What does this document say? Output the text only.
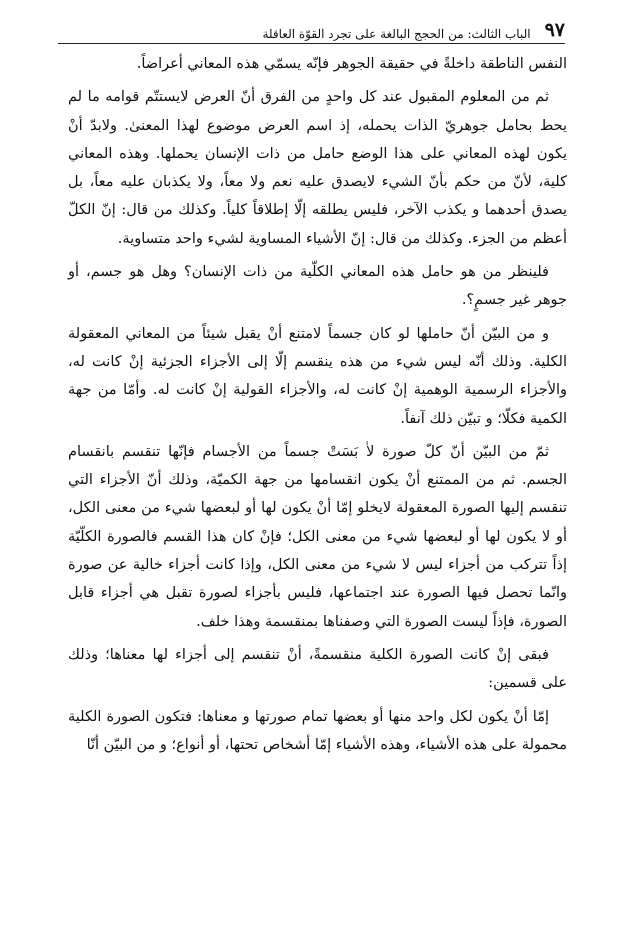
٩٧
الباب الثالث: من الحجج البالغة على تجرد القوّة العاقلة

النفس الناطقة داخلةً في حقيقة الجوهر فإنّه يسمّي هذه المعاني أعراضاً.

ثم من المعلوم المقبول عند كل واحدٍ من الفرق أنّ العرض لايستتّم قوامه ما لم يحط بحامل جوهريّ الذات يحمله، إذ اسم العرض موضوع لهذا المعنىٰ. ولابدّ أنْ يكون لهذه المعاني على هذا الوضع حامل من ذات الإنسان يحملها. وهذه المعاني كلية، لأنّ من حكم بأنّ الشيء لايصدق عليه نعم ولا معاً، ولا يكذبان عليه معاً، بل يصدق أحدهما و يكذب الآخر، فليس يطلقه إلّا إطلاقاً كلياً. وكذلك من قال: إنّ الكلّ أعظم من الجزء. وكذلك من قال: إنّ الأشياء المساوية لشيء واحد متساوية.

فلينظر من هو حامل هذه المعاني الكلّية من ذات الإنسان؟ وهل هو جسم، أو جوهر غير جسمٍ؟.

و من البيّن أنّ حاملها لو كان جسماً لامتنع أنْ يقبل شيئاً من المعاني المعقولة الكلية. وذلك أنّه ليس شيء من هذه ينقسم إلّا إلى الأجزاء الجزئية إنْ كانت له، والأجزاء الرسمية الوهمية إنْ كانت له، والأجزاء القولية إنْ كانت له. وأمّا من جهة الكمية فكلّا؛ و تبيّن ذلك آنفاً.

ثمّ من البيّن أنّ كلّ صورة لاٰ بَسَتْ جسماً من الأجسام فإنّها تنقسم بانقسام الجسم. ثم من الممتنع أنْ يكون انقسامها من جهة الكميّة، وذلك أنّ الأجزاء التي تنقسم إليها الصورة المعقولة لايخلو إمّا أنْ يكون لها أو لبعضها شيء من معنى الكل، أو لا يكون لها أو لبعضها شيء من معنى الكل؛ فإنْ كان هذا القسم فالصورة الكلّيّة إذاً تتركب من أجزاء ليس لا شيء من معنى الكل، وإذا كانت أجزاء خالية عن صورة وانّما تحصل فيها الصورة عند اجتماعها، فليس بأجزاء لصورة تقبل هي أجزاء قابل الصورة، فإذاً ليست الصورة التي وصفناها بمنقسمة وهذا خلف.

فبقى إنْ كانت الصورة الكلية منقسمةً، أنْ تنقسم إلى أجزاء لها معناها؛ وذلك على قسمين:

إمّا أنْ يكون لكل واحد منها أو بعضها تمام صورتها و معناها: فتكون الصورة الكلية محمولة على هذه الأشياء، وهذه الأشياء إمّا أشخاص تحتها، أو أنواع؛ و من البيّن أنّا
